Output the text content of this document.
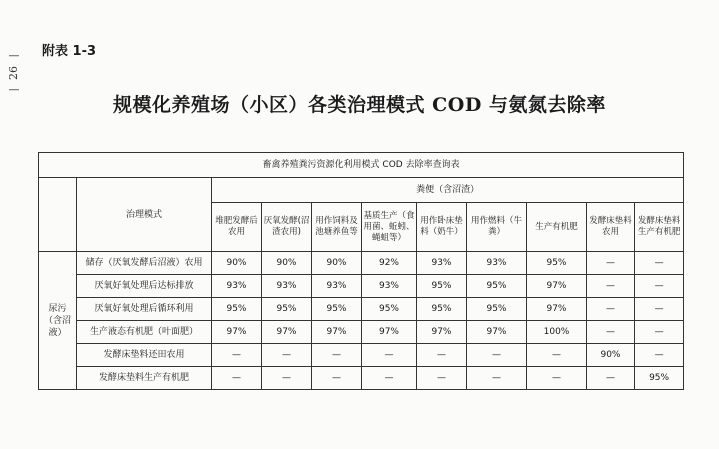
—
26
—
附表 1-3
规模化养殖场（小区）各类治理模式 COD 与氨氮去除率
畜禽养殖粪污资源化利用模式 COD 去除率查询表										
	治理模式	粪便（含沼渣）								
		堆肥发酵后农用	厌氧发酵(沼渣农用)	用作饲料及池塘养鱼等	基质生产（食用菌、蚯蚓、蝇蛆等）	用作卧床垫料（奶牛）	用作燃料（牛粪）	生产有机肥	发酵床垫料农用	发酵床垫料生产有机肥
尿污（含沼液）	储存（厌氧发酵后沼液）农用	90%	90%	90%	92%	93%	93%	95%	—	—
	厌氧好氧处理后达标排放	93%	93%	93%	93%	95%	95%	97%	—	—
	厌氧好氧处理后循环利用	95%	95%	95%	95%	95%	95%	97%	—	—
	生产液态有机肥（叶面肥）	97%	97%	97%	97%	97%	97%	100%	—	—
	发酵床垫料还田农用	—	—	—	—	—	—	—	90%	—
	发酵床垫料生产有机肥	—	—	—	—	—	—	—	—	95%
